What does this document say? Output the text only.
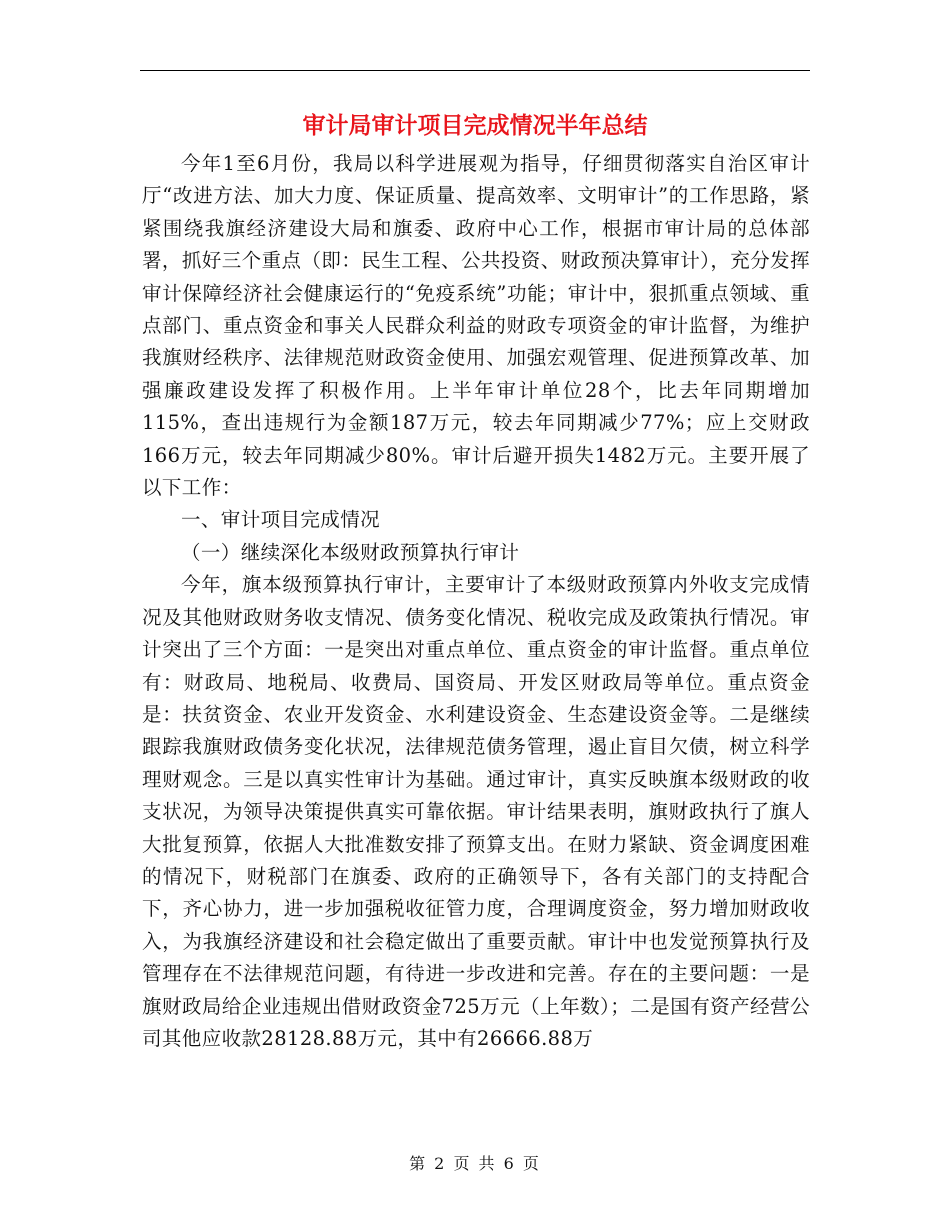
审计局审计项目完成情况半年总结

今年1至6月份，我局以科学进展观为指导，仔细贯彻落实自治区审计厅“改进方法、加大力度、保证质量、提高效率、文明审计”的工作思路，紧紧围绕我旗经济建设大局和旗委、政府中心工作，根据市审计局的总体部署，抓好三个重点（即：民生工程、公共投资、财政预决算审计），充分发挥审计保障经济社会健康运行的“免疫系统”功能；审计中，狠抓重点领域、重点部门、重点资金和事关人民群众利益的财政专项资金的审计监督，为维护我旗财经秩序、法律规范财政资金使用、加强宏观管理、促进预算改革、加强廉政建设发挥了积极作用。上半年审计单位28个，比去年同期增加115%，查出违规行为金额187万元，较去年同期减少77%；应上交财政166万元，较去年同期减少80%。审计后避开损失1482万元。主要开展了以下工作：

一、审计项目完成情况

（一）继续深化本级财政预算执行审计

今年，旗本级预算执行审计，主要审计了本级财政预算内外收支完成情况及其他财政财务收支情况、债务变化情况、税收完成及政策执行情况。审计突出了三个方面：一是突出对重点单位、重点资金的审计监督。重点单位有：财政局、地税局、收费局、国资局、开发区财政局等单位。重点资金是：扶贫资金、农业开发资金、水利建设资金、生态建设资金等。二是继续跟踪我旗财政债务变化状况，法律规范债务管理，遏止盲目欠债，树立科学理财观念。三是以真实性审计为基础。通过审计，真实反映旗本级财政的收支状况，为领导决策提供真实可靠依据。审计结果表明，旗财政执行了旗人大批复预算，依据人大批准数安排了预算支出。在财力紧缺、资金调度困难的情况下，财税部门在旗委、政府的正确领导下，各有关部门的支持配合下，齐心协力，进一步加强税收征管力度，合理调度资金，努力增加财政收入，为我旗经济建设和社会稳定做出了重要贡献。审计中也发觉预算执行及管理存在不法律规范问题，有待进一步改进和完善。存在的主要问题：一是旗财政局给企业违规出借财政资金725万元（上年数）；二是国有资产经营公司其他应收款28128.88万元，其中有26666.88万

第 2 页 共 6 页
